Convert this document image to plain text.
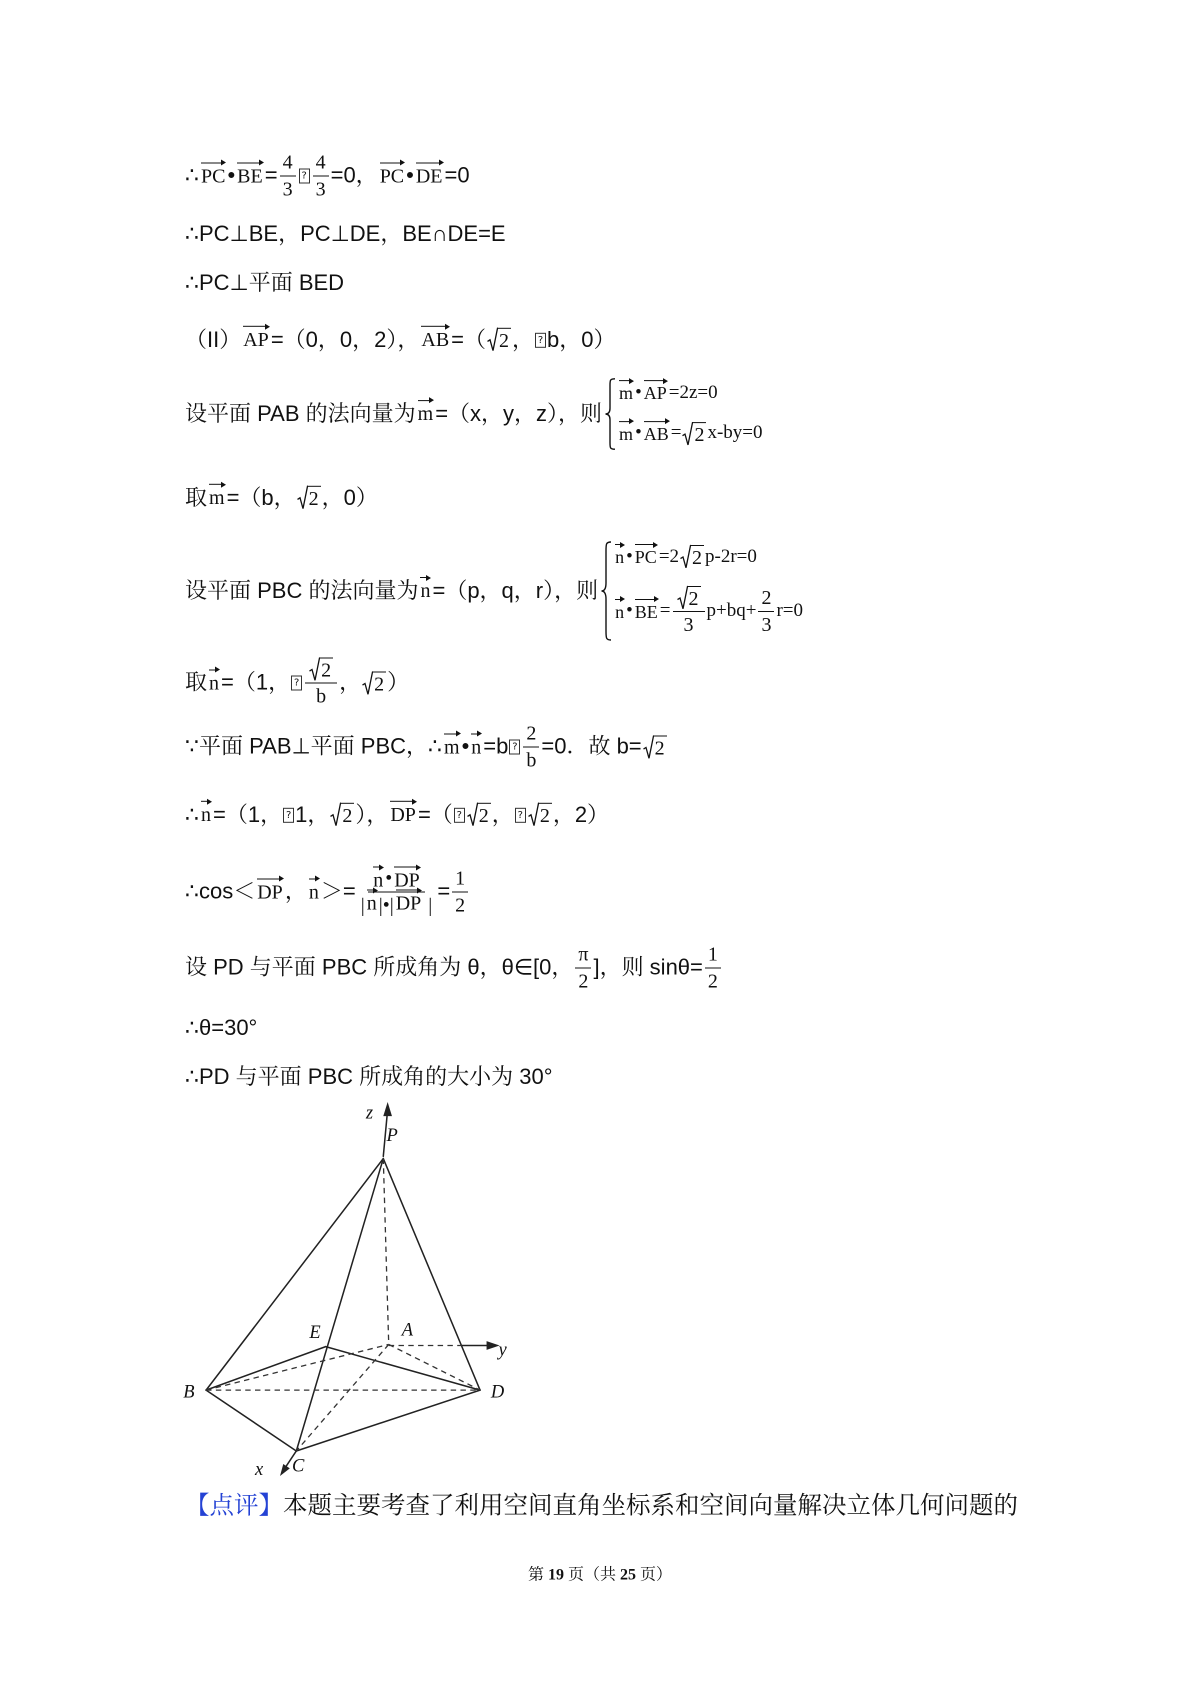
∴ PC • BE = $\frac{4}{3}$ ? $\frac{4}{3} =0$， PC • DE =0
∴PC⊥BE，PC⊥DE，BE∩DE=E
∴PC⊥平面 BED
（II） AP =（0，0，2）， AB =（ 2 ， ? b，0）
设平面 PAB 的法向量为 m =（x，y，z），则
m • AP =2z=0
m • AB = 2 x-by=0
取 m =（b， 2 ，0）
设平面 PBC 的法向量为 n =（p，q，r），则
n • PC =2 2 p-2r=0
n • BE = $\frac{2}{3} p+bq+ \frac{2}{3} r=0$
取 n =（1， ? $\frac{2}{b}$ ， 2 ）
∵平面 PAB⊥平面 PBC，∴ m • n =b ? $\frac{2}{b} =0$．故 b= 2
∴ n =（1， ? 1， 2 ）， DP =（ ? 2 ， ? 2 ，2）
∴cos＜ DP ， $n >= \frac{n • DP}{| n |•| DP |} = \frac{1}{2}$
设 PD 与平面 PBC 所成角为 θ，θ∈[0， $\frac{\pi}{2}$ ]，则 $\sin\theta= \frac{1}{2}$
∴θ=30°
∴PD 与平面 PBC 所成角的大小为 30°
z
P
E	A
y
B	D
x C
【点评】本题主要考查了利用空间直角坐标系和空间向量解决立体几何问题的
第 19 页（共 25 页）
